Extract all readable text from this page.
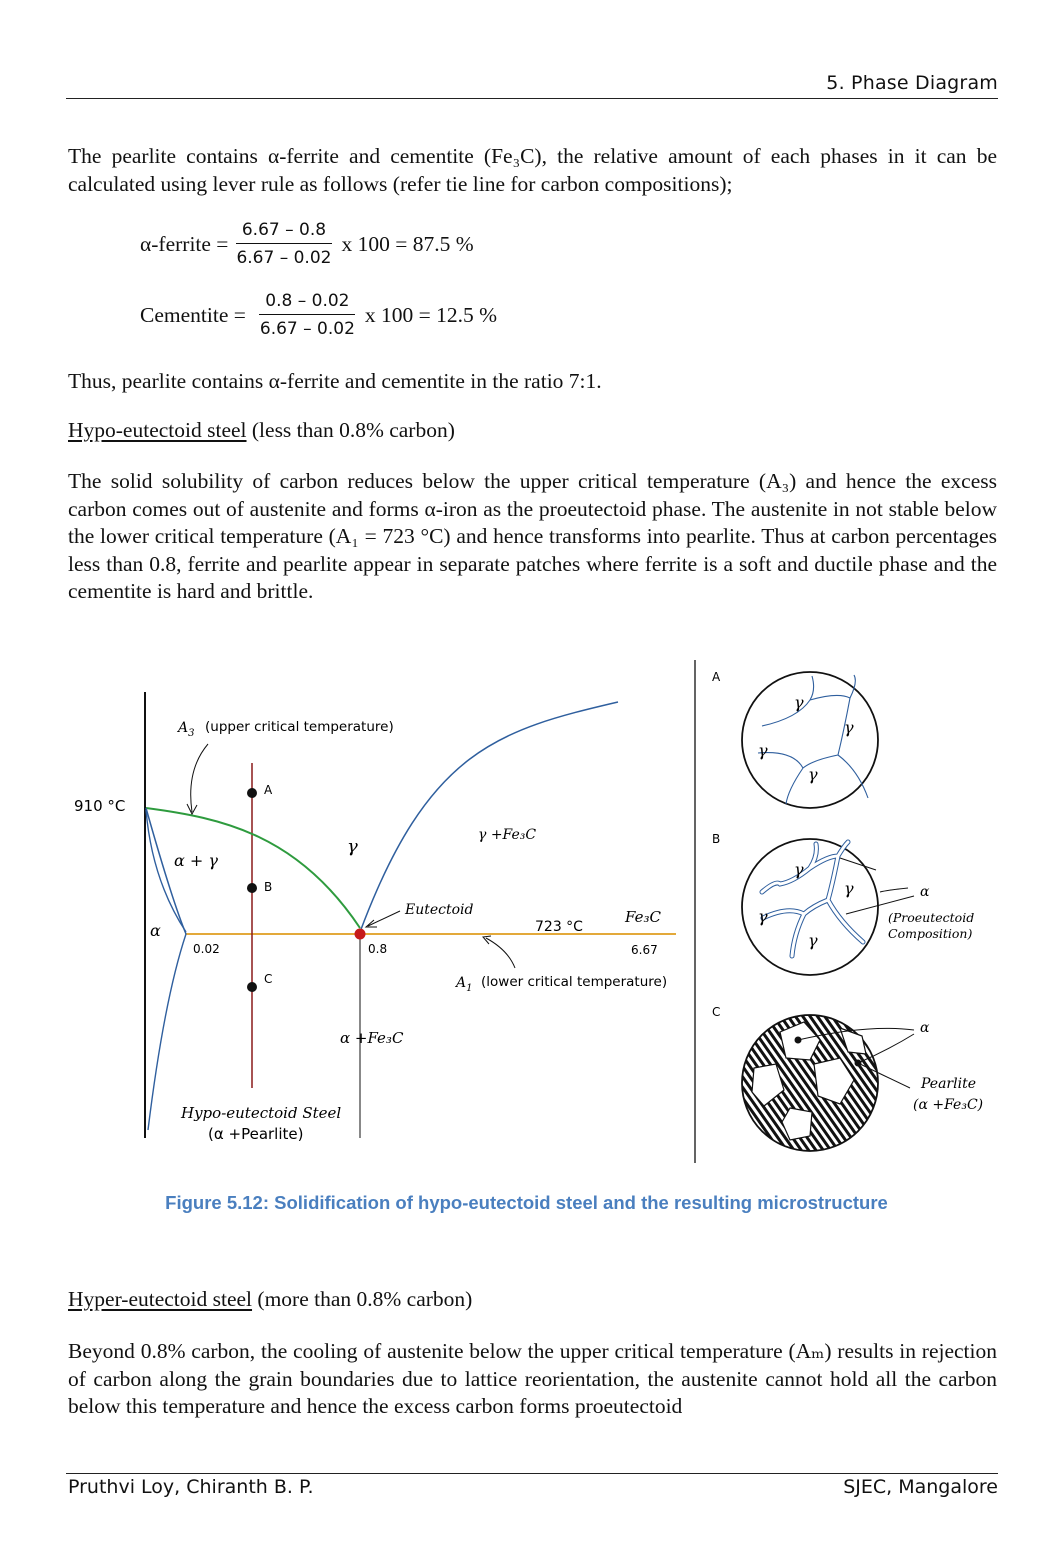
5. Phase Diagram
The pearlite contains α-ferrite and cementite (Fe₃C), the relative amount of each phases in it can be calculated using lever rule as follows (refer tie line for carbon compositions);
α-ferrite = $\frac{6.67 - 0.8}{6.67 - 0.02}$ x 100 = 87.5 %
Cementite = $\frac{0.8 - 0.02}{6.67 - 0.02}$ x 100 = 12.5 %
Thus, pearlite contains α-ferrite and cementite in the ratio 7:1.
Hypo-eutectoid steel (less than 0.8% carbon)
The solid solubility of carbon reduces below the upper critical temperature (A₃) and hence the excess carbon comes out of austenite and forms α-iron as the proeutectoid phase. The austenite in not stable below the lower critical temperature (A₁ = 723 °C) and hence transforms into pearlite. Thus at carbon percentages less than 0.8, ferrite and pearlite appear in separate patches where ferrite is a soft and ductile phase and the cementite is hard and brittle.
A
B
C
$A_3$ (upper critical temperature)
910 °C
α + γ
α
γ
γ +Fe₃C
Eutectoid
723 °C
Fe₃C
0.02	0.8	6.67
$A_1$ (lower critical temperature)
α +Fe₃C
Hypo-eutectoid Steel
(α +Pearlite)
A
γ
γ
γ
γ
B
γ
γ
γ
γ
α
(Proeutectoid
Composition)
C
α
Pearlite
(α +Fe₃C)
Figure 5.12: Solidification of hypo-eutectoid steel and the resulting microstructure
Hyper-eutectoid steel (more than 0.8% carbon)
Beyond 0.8% carbon, the cooling of austenite below the upper critical temperature (Aₘ) results in rejection of carbon along the grain boundaries due to lattice reorientation, the austenite cannot hold all the carbon below this temperature and hence the excess carbon forms proeutectoid
Pruthvi Loy, Chiranth B. P.	SJEC, Mangalore
